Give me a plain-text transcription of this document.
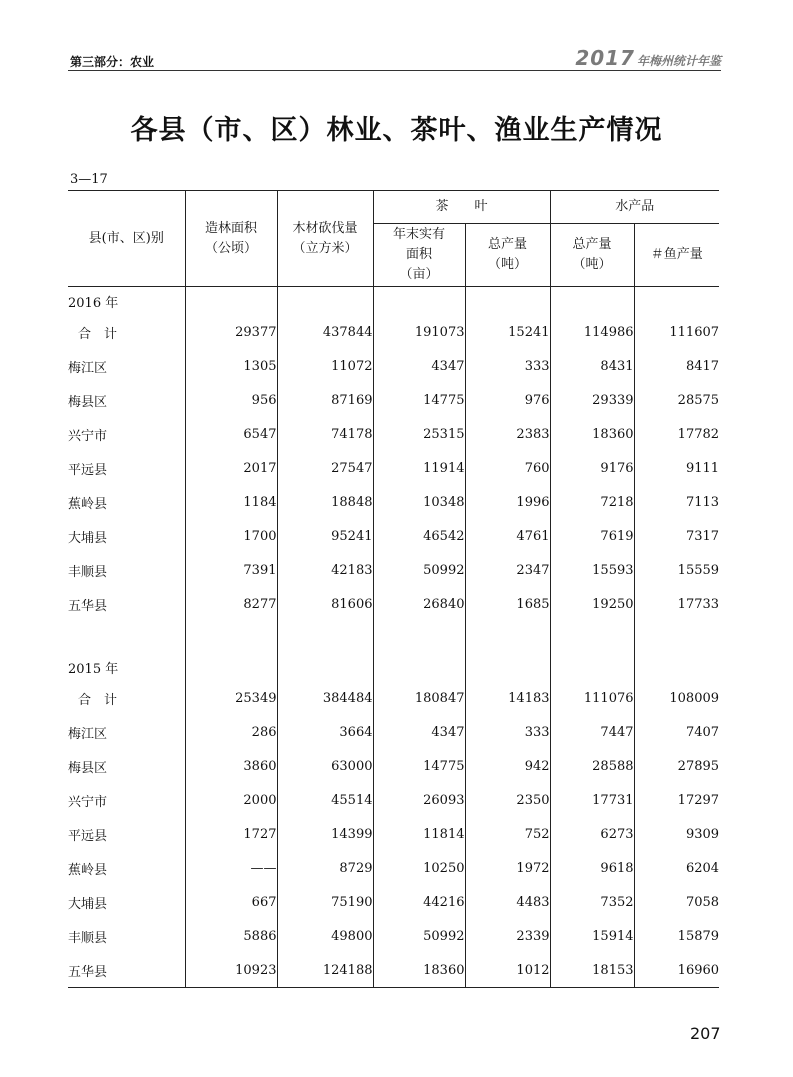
第三部分：农业	2017 年梅州统计年鉴
各县（市、区）林业、茶叶、渔业生产情况
3—17
县(市、区)别	造林面积（公顷）	木材砍伐量（立方米）	茶　　叶		水产品	
			年末实有面积（亩）	总产量（吨）	总产量（吨）	＃鱼产量
2016 年						
合　计	29377	437844	191073	15241	114986	111607
梅江区	1305	11072	4347	333	8431	8417
梅县区	956	87169	14775	976	29339	28575
兴宁市	6547	74178	25315	2383	18360	17782
平远县	2017	27547	11914	760	9176	9111
蕉岭县	1184	18848	10348	1996	7218	7113
大埔县	1700	95241	46542	4761	7619	7317
丰顺县	7391	42183	50992	2347	15593	15559
五华县	8277	81606	26840	1685	19250	17733

2015 年						
合　计	25349	384484	180847	14183	111076	108009
梅江区	286	3664	4347	333	7447	7407
梅县区	3860	63000	14775	942	28588	27895
兴宁市	2000	45514	26093	2350	17731	17297
平远县	1727	14399	11814	752	6273	9309
蕉岭县	——	8729	10250	1972	9618	6204
大埔县	667	75190	44216	4483	7352	7058
丰顺县	5886	49800	50992	2339	15914	15879
五华县	10923	124188	18360	1012	18153	16960
207
